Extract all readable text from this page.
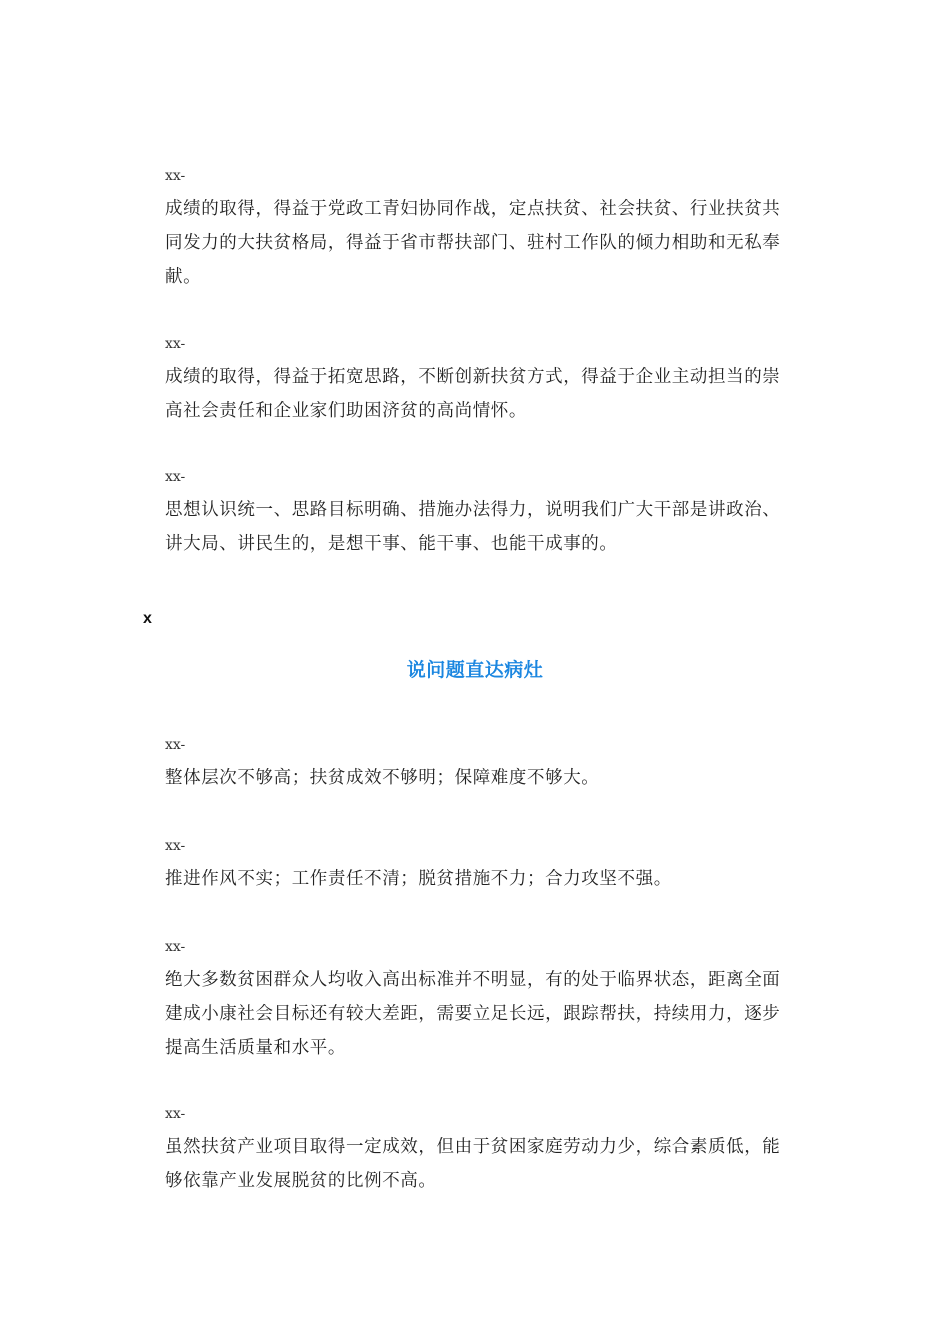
xx-
成绩的取得，得益于党政工青妇协同作战，定点扶贫、社会扶贫、行业扶贫共同发力的大扶贫格局，得益于省市帮扶部门、驻村工作队的倾力相助和无私奉献。
xx-
成绩的取得，得益于拓宽思路，不断创新扶贫方式，得益于企业主动担当的崇高社会责任和企业家们助困济贫的高尚情怀。
xx-
思想认识统一、思路目标明确、措施办法得力，说明我们广大干部是讲政治、讲大局、讲民生的，是想干事、能干事、也能干成事的。
x
说问题直达病灶
xx-
整体层次不够高；扶贫成效不够明；保障难度不够大。
xx-
推进作风不实；工作责任不清；脱贫措施不力；合力攻坚不强。
xx-
绝大多数贫困群众人均收入高出标准并不明显，有的处于临界状态，距离全面建成小康社会目标还有较大差距，需要立足长远，跟踪帮扶，持续用力，逐步提高生活质量和水平。
xx-
虽然扶贫产业项目取得一定成效，但由于贫困家庭劳动力少，综合素质低，能够依靠产业发展脱贫的比例不高。
